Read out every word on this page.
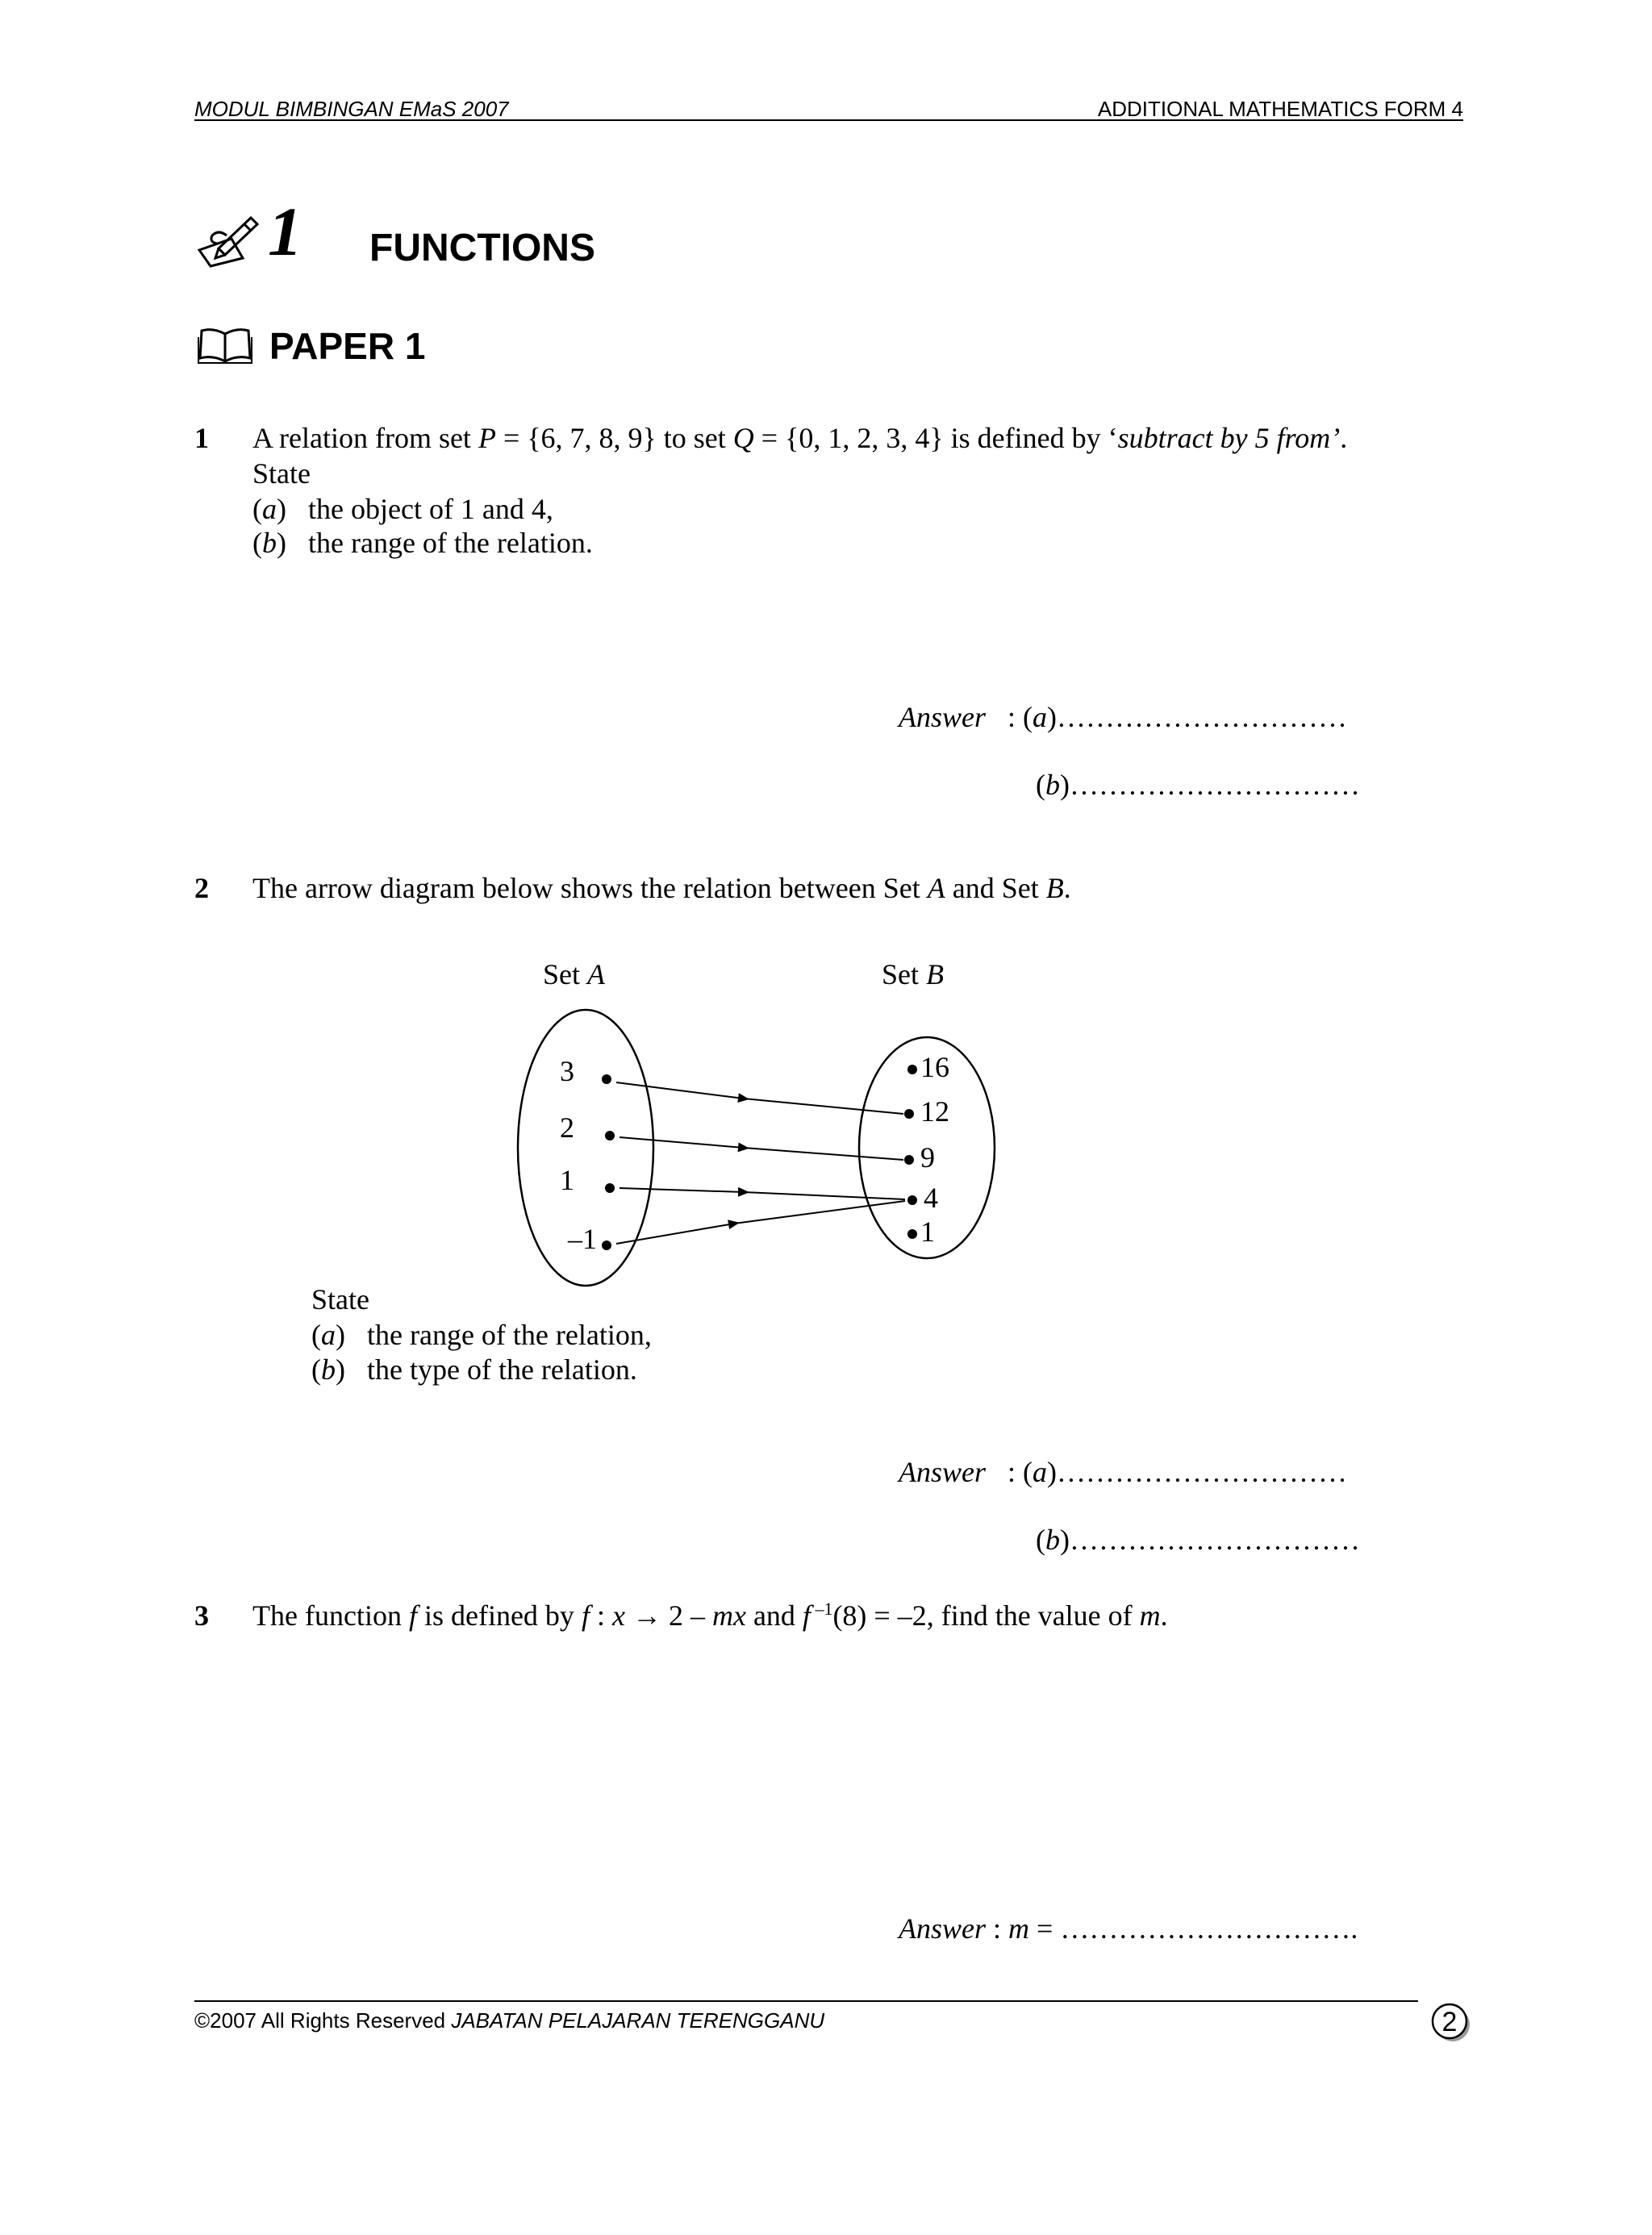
MODUL BIMBINGAN EMaS 2007	ADDITIONAL MATHEMATICS FORM 4
1 FUNCTIONS
PAPER 1
1 A relation from set P = {6, 7, 8, 9} to set Q = {0, 1, 2, 3, 4} is defined by ‘subtract by 5 from’.
State
(a)   the object of 1 and 4,
(b)   the range of the relation.
Answer : (a)…………………………
(b)…………………………
2 The arrow diagram below shows the relation between Set A and Set B.
Set A	Set B
3
2
1
–1
16
12
9
4
1
State
(a)   the range of the relation,
(b)   the type of the relation.
Answer : (a)…………………………
(b)…………………………
3 The function f is defined by f : x → 2 – mx and f $^{-1}$(8) = –2, find the value of m.
Answer : m = ………………………….
©2007 All Rights Reserved JABATAN PELAJARAN TERENGGANU	2
